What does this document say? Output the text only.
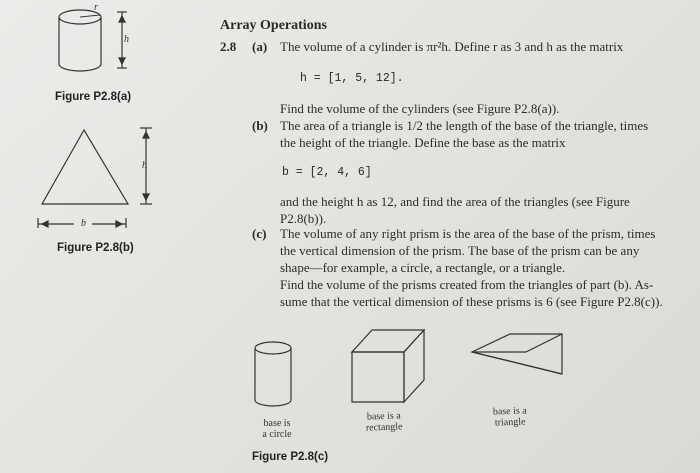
Array Operations
2.8 (a) The volume of a cylinder is πr²h. Define r as 3 and h as the matrix
h = [1, 5, 12].
Find the volume of the cylinders (see Figure P2.8(a)).
(b) The area of a triangle is 1/2 the length of the base of the triangle, times
the height of the triangle. Define the base as the matrix
b = [2, 4, 6]
and the height h as 12, and find the area of the triangles (see Figure
P2.8(b)).
(c) The volume of any right prism is the area of the base of the prism, times
the vertical dimension of the prism. The base of the prism can be any
shape—for example, a circle, a rectangle, or a triangle.
Find the volume of the prisms created from the triangles of part (b). As-
sume that the vertical dimension of these prisms is 6 (see Figure P2.8(c)).
r
h
Figure P2.8(a)
h
b
Figure P2.8(b)
base is
a circle
base is a
rectangle
base is a
triangle
Figure P2.8(c)
